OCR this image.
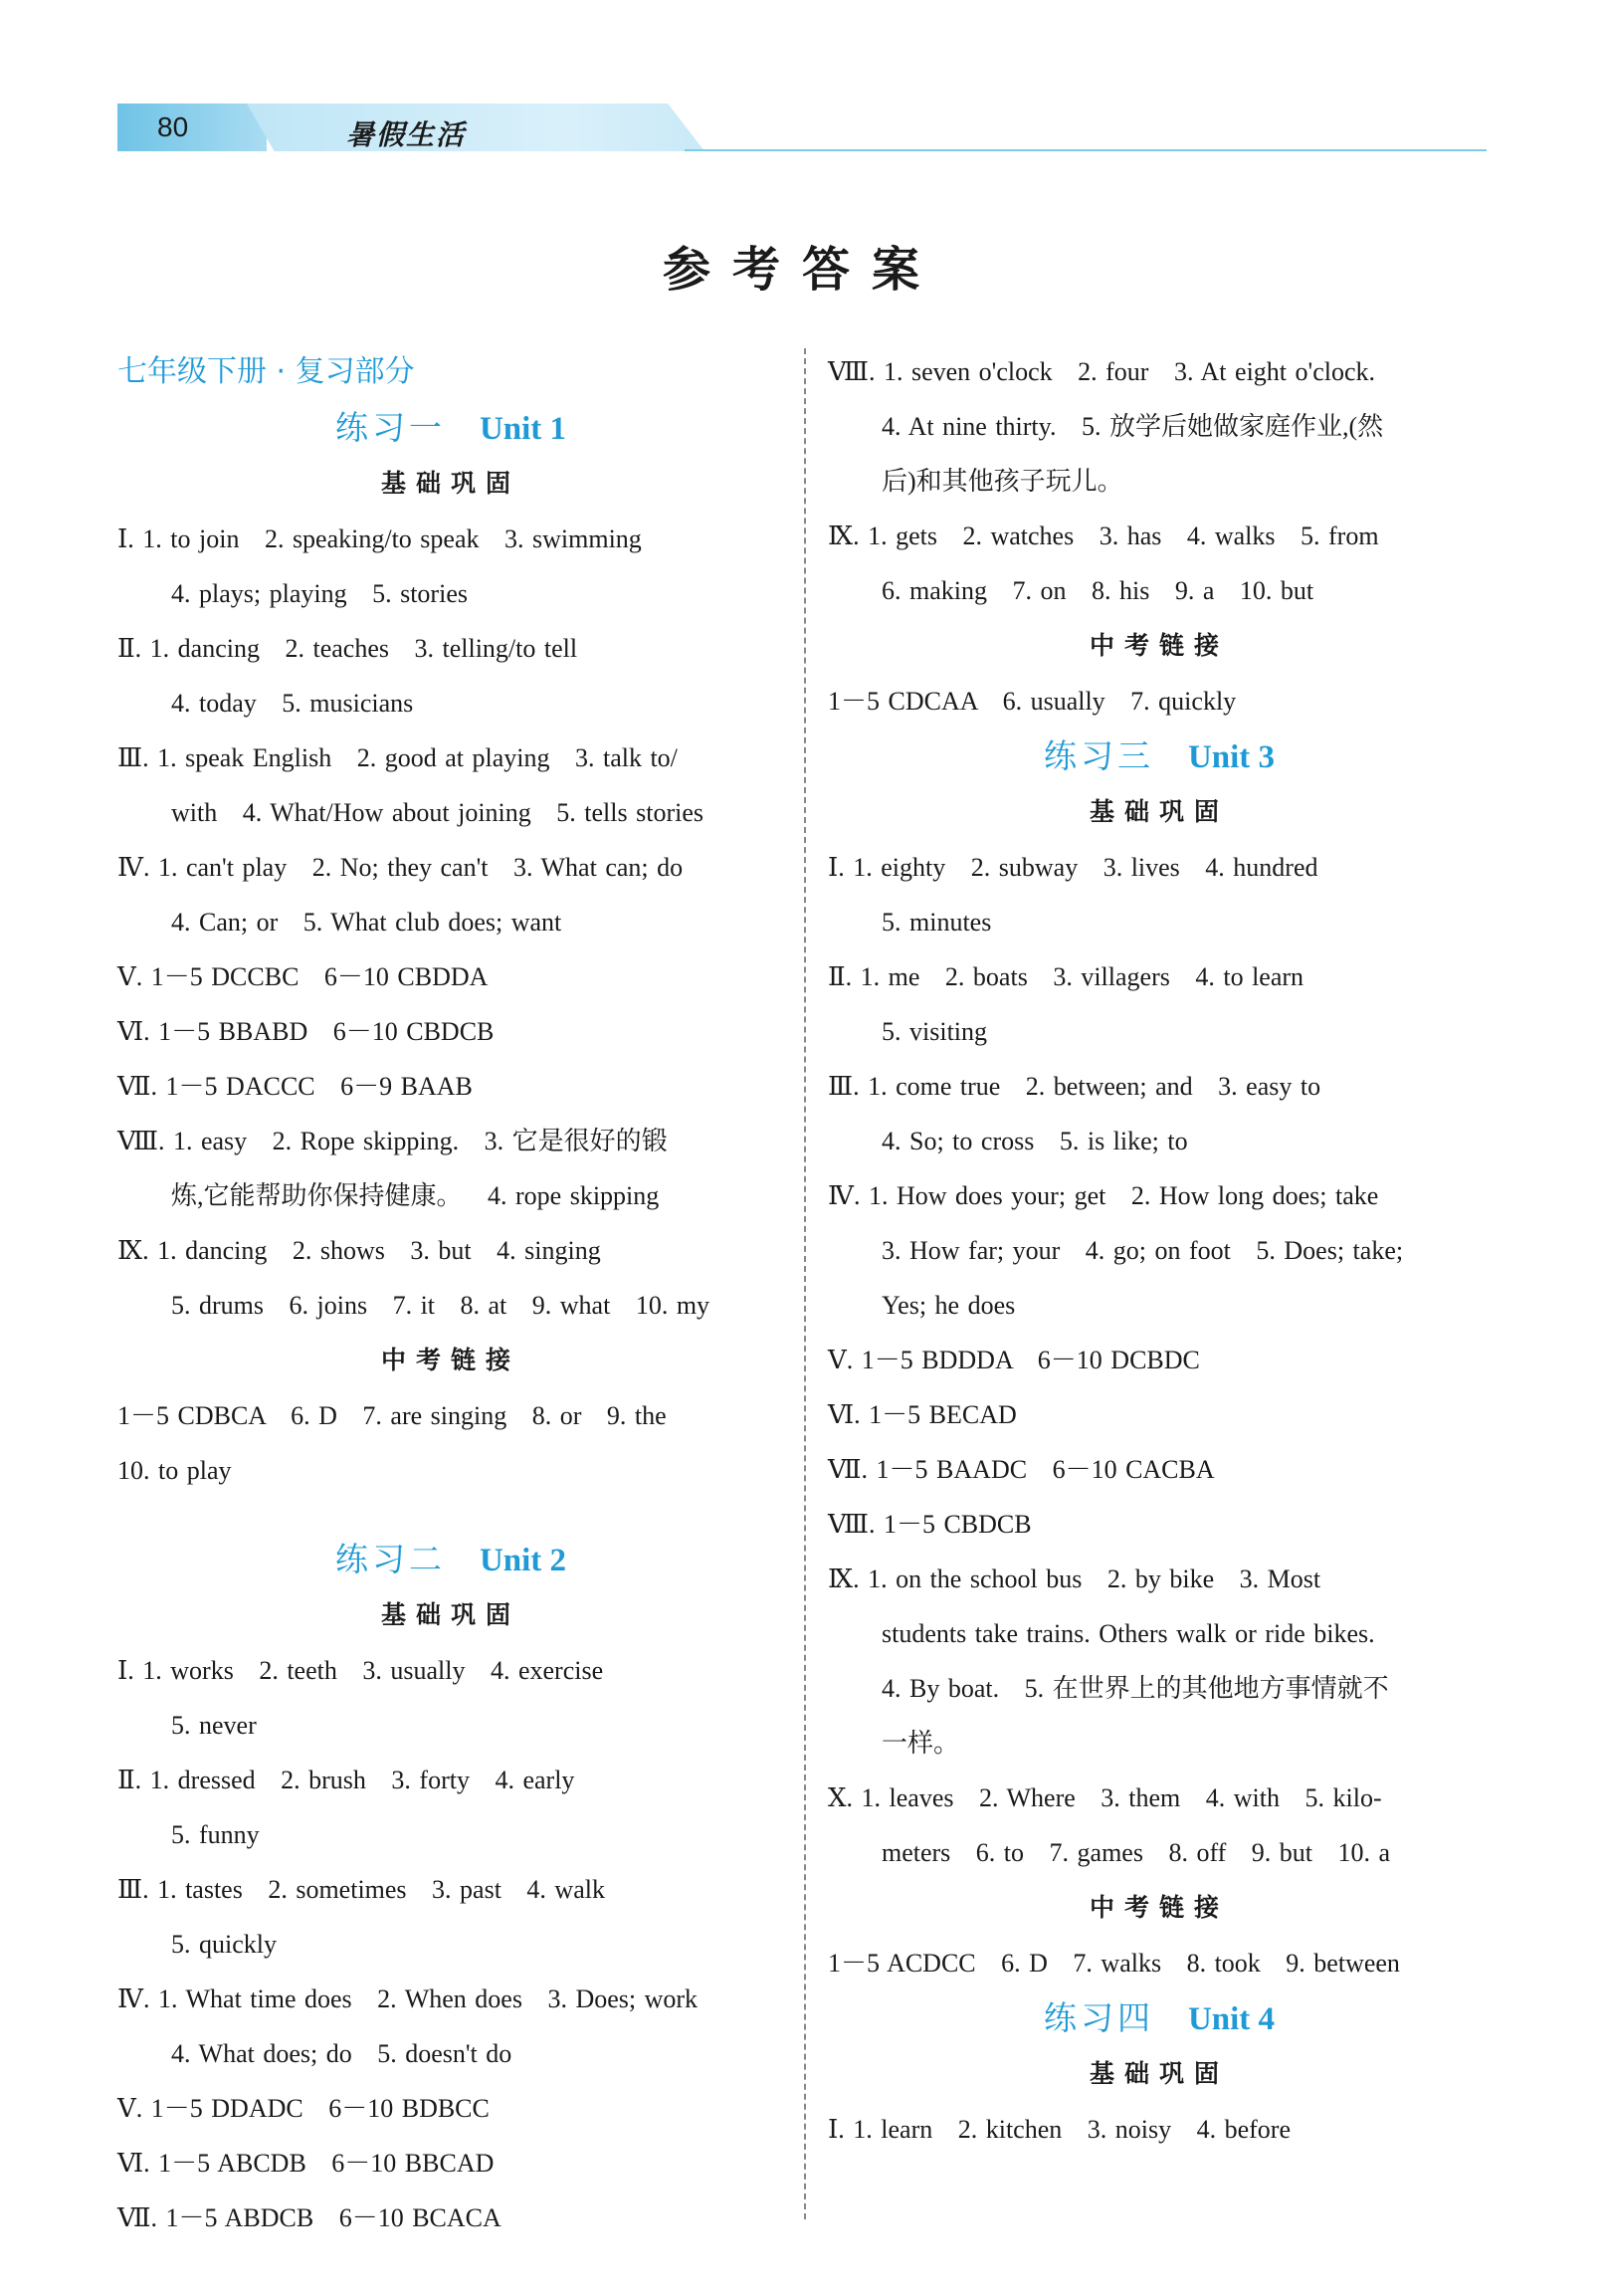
80	暑假生活
参考答案
七年级下册 · 复习部分
练习一 Unit 1
基础巩固
Ⅰ. 1. to join   2. speaking/to speak   3. swimming
4. plays; playing   5. stories
Ⅱ. 1. dancing   2. teaches   3. telling/to tell
4. today   5. musicians
Ⅲ. 1. speak English   2. good at playing   3. talk to/
with   4. What/How about joining   5. tells stories
Ⅳ. 1. can't play   2. No; they can't   3. What can; do
4. Can; or   5. What club does; want
Ⅴ. 1－5 DCCBC   6－10 CBDDA
Ⅵ. 1－5 BBABD   6－10 CBDCB
Ⅶ. 1－5 DACCC   6－9 BAAB
Ⅷ. 1. easy   2. Rope skipping.   3. 它是很好的锻
炼,它能帮助你保持健康。   4. rope skipping
Ⅸ. 1. dancing   2. shows   3. but   4. singing
5. drums   6. joins   7. it   8. at   9. what   10. my
中考链接
1－5 CDBCA   6. D   7. are singing   8. or   9. the
10. to play
练习二 Unit 2
基础巩固
Ⅰ. 1. works   2. teeth   3. usually   4. exercise
5. never
Ⅱ. 1. dressed   2. brush   3. forty   4. early
5. funny
Ⅲ. 1. tastes   2. sometimes   3. past   4. walk
5. quickly
Ⅳ. 1. What time does   2. When does   3. Does; work
4. What does; do   5. doesn't do
Ⅴ. 1－5 DDADC   6－10 BDBCC
Ⅵ. 1－5 ABCDB   6－10 BBCAD
Ⅶ. 1－5 ABDCB   6－10 BCACA
Ⅷ. 1. seven o'clock   2. four   3. At eight o'clock.
4. At nine thirty.   5. 放学后她做家庭作业,(然
后)和其他孩子玩儿。
Ⅸ. 1. gets   2. watches   3. has   4. walks   5. from
6. making   7. on   8. his   9. a   10. but
中考链接
1－5 CDCAA   6. usually   7. quickly
练习三 Unit 3
基础巩固
Ⅰ. 1. eighty   2. subway   3. lives   4. hundred
5. minutes
Ⅱ. 1. me   2. boats   3. villagers   4. to learn
5. visiting
Ⅲ. 1. come true   2. between; and   3. easy to
4. So; to cross   5. is like; to
Ⅳ. 1. How does your; get   2. How long does; take
3. How far; your   4. go; on foot   5. Does; take;
Yes; he does
Ⅴ. 1－5 BDDDA   6－10 DCBDC
Ⅵ. 1－5 BECAD
Ⅶ. 1－5 BAADC   6－10 CACBA
Ⅷ. 1－5 CBDCB
Ⅸ. 1. on the school bus   2. by bike   3. Most
students take trains. Others walk or ride bikes.
4. By boat.   5. 在世界上的其他地方事情就不
一样。
Ⅹ. 1. leaves   2. Where   3. them   4. with   5. kilo-
meters   6. to   7. games   8. off   9. but   10. a
中考链接
1－5 ACDCC   6. D   7. walks   8. took   9. between
练习四 Unit 4
基础巩固
Ⅰ. 1. learn   2. kitchen   3. noisy   4. before
